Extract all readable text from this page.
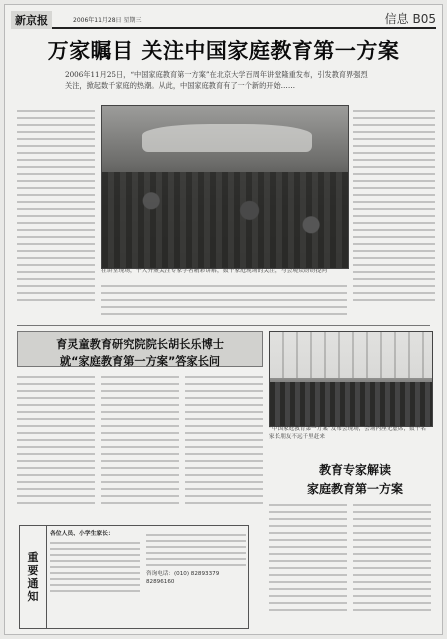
新京报	2006年11月28日 星期三	信息 B05
万家瞩目 关注中国家庭教育第一方案
2006年11月25日，“中国家庭教育第一方案”在北京大学百周年讲堂隆重发布，引发教育界强烈关注，掀起数千家庭的热潮。从此，中国家庭教育有了一个新的开始……
在讲堂现场，千人齐聚关注专家学者精彩讲解，数千家庭现场的关注，与会观众纷纷提问
育灵童教育研究院院长胡长乐博士
就“家庭教育第一方案”答家长问
“中国家庭教育第一方案”发布会现场，会场内座无虚席，数千名家长朋友不远千里赶来
教育专家解读
家庭教育第一方案
重
要
通
知
各位人员、小学生家长：
咨询电话：(010) 82893379 82896160
